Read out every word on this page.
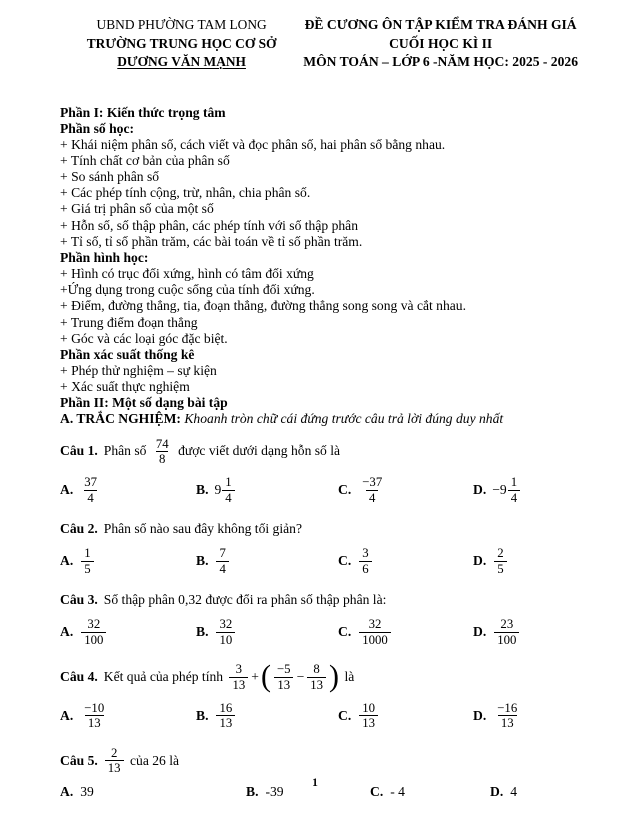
UBND PHƯỜNG TAM LONG
TRƯỜNG TRUNG HỌC CƠ SỞ
DƯƠNG VĂN MẠNH
ĐỀ CƯƠNG ÔN TẬP KIỂM TRA ĐÁNH GIÁ
CUỐI HỌC KÌ II
MÔN TOÁN – LỚP 6 -NĂM HỌC: 2025 - 2026
Phần I: Kiến thức trọng tâm
Phần số học:
+ Khái niệm phân số, cách viết và đọc phân số, hai phân số bằng nhau.
+ Tính chất cơ bản của phân số
+ So sánh phân số
+ Các phép tính cộng, trừ, nhân, chia phân số.
+ Giá trị phân số của một số
+ Hỗn số, số thập phân, các phép tính với số thập phân
+ Tỉ số, tỉ số phần trăm, các bài toán về tỉ số phần trăm.
Phần hình học:
+ Hình có trục đối xứng, hình có tâm đối xứng
+Ứng dụng trong cuộc sống của tính đối xứng.
+ Điểm, đường thẳng, tia, đoạn thẳng, đường thẳng song song và cắt nhau.
+ Trung điểm đoạn thẳng
+ Góc và các loại góc đặc biệt.
Phần xác suất thống kê
+ Phép thử nghiệm – sự kiện
+ Xác suất thực nghiệm
Phần II: Một số dạng bài tập
A. TRẮC NGHIỆM: Khoanh tròn chữ cái đứng trước câu trả lời đúng duy nhất
Câu 1. Phân số $\frac{74}{8}$ được viết dưới dạng hỗn số là
A. $\frac{37}{4}$	B. $9 \frac{1}{4}$	C. $\frac{-37}{4}$	D. $-9 \frac{1}{4}$
Câu 2. Phân số nào sau đây không tối giản?
A. $\frac{1}{5}$	B. $\frac{7}{4}$	C. $\frac{3}{6}$	D. $\frac{2}{5}$
Câu 3. Số thập phân 0,32 được đổi ra phân số thập phân là:
A. $\frac{32}{100}$	B. $\frac{32}{10}$	C. $\frac{32}{1000}$	D. $\frac{23}{100}$
Câu 4. Kết quả của phép tính $\frac{3}{13}$ + ( $\frac{-5}{13} - \frac{8}{13}$ ) là
A. $\frac{-10}{13}$	B. $\frac{16}{13}$	C. $\frac{10}{13}$	D. $\frac{-16}{13}$
Câu 5. $\frac{2}{13}$ của 26 là
A. 39	B. -39	C. - 4	D. 4
1
